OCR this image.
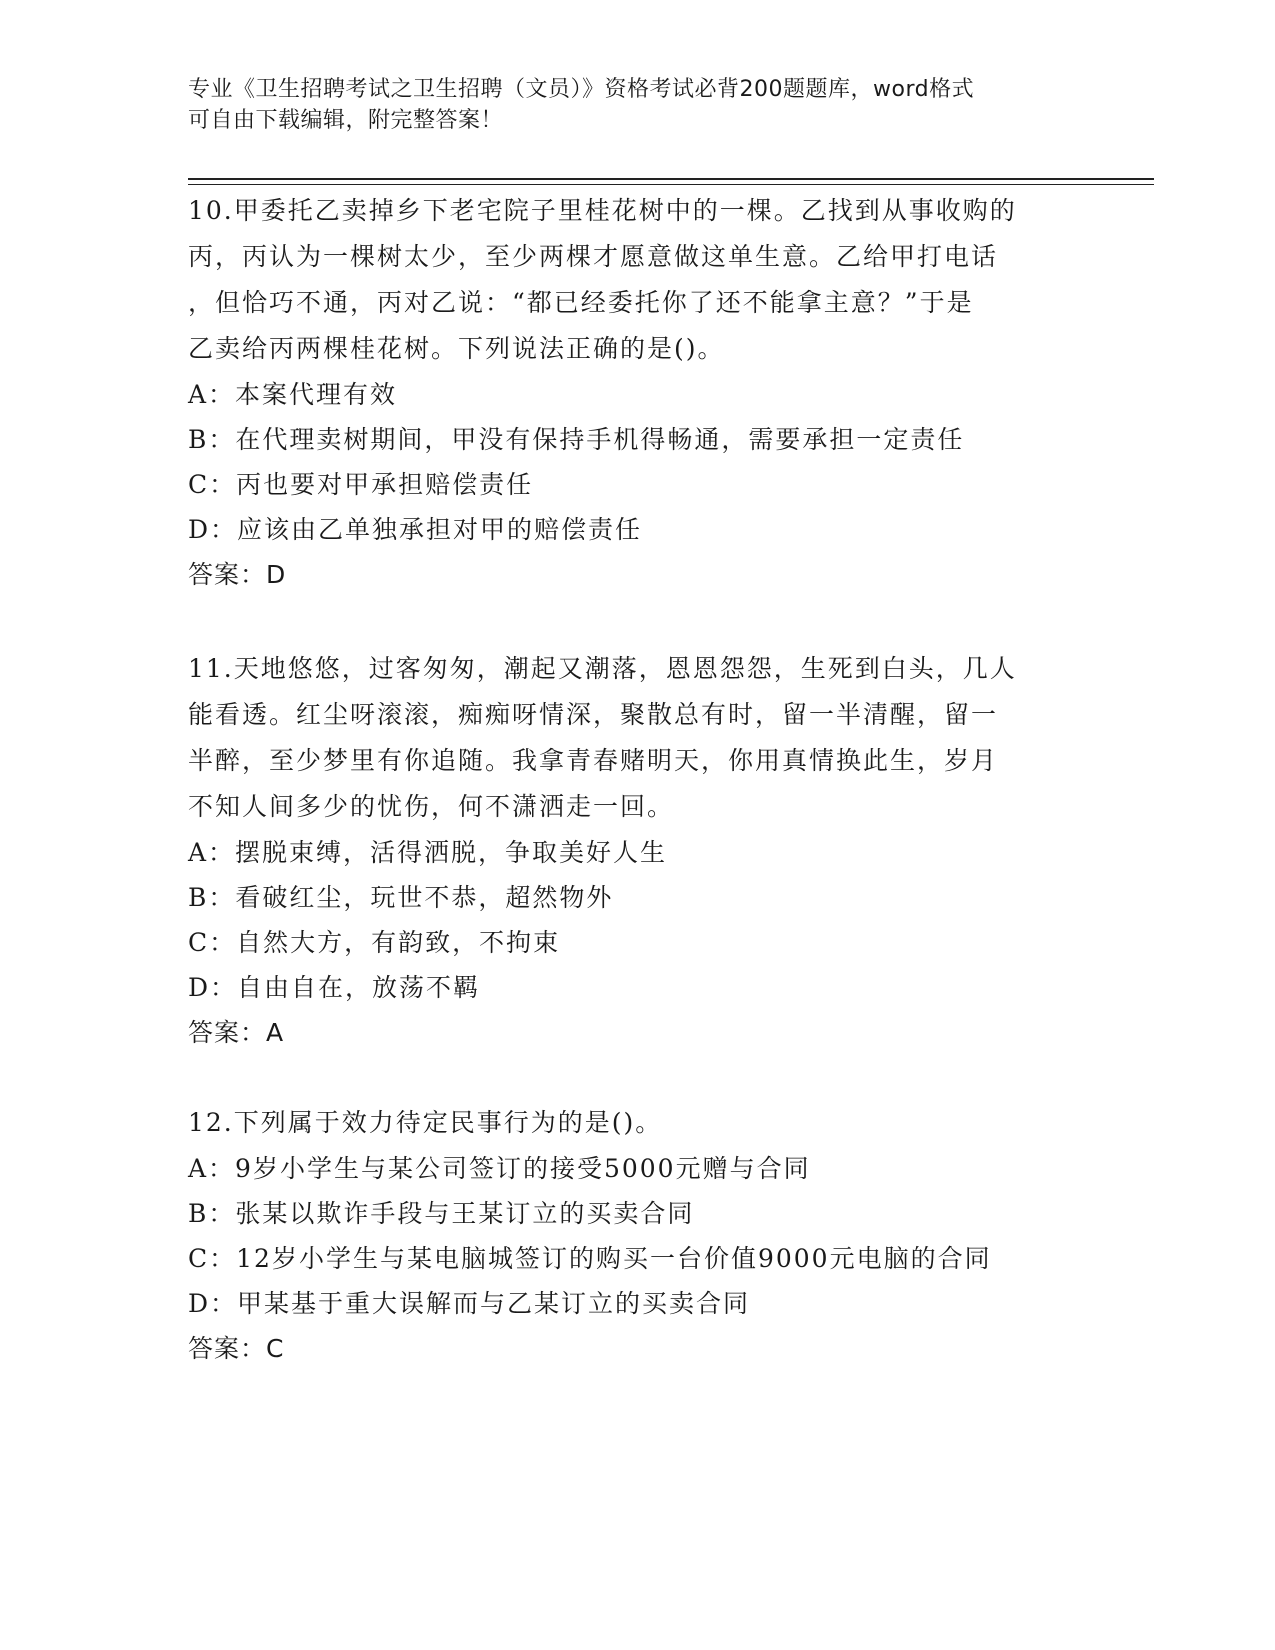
专业《卫生招聘考试之卫生招聘（文员）》资格考试必背200题题库，word格式
可自由下载编辑，附完整答案！
10.甲委托乙卖掉乡下老宅院子里桂花树中的一棵。乙找到从事收购的
丙，丙认为一棵树太少，至少两棵才愿意做这单生意。乙给甲打电话
，但恰巧不通，丙对乙说：“都已经委托你了还不能拿主意？”于是
乙卖给丙两棵桂花树。下列说法正确的是()。
A：本案代理有效
B：在代理卖树期间，甲没有保持手机得畅通，需要承担一定责任
C：丙也要对甲承担赔偿责任
D：应该由乙单独承担对甲的赔偿责任
答案：D
11.天地悠悠，过客匆匆，潮起又潮落，恩恩怨怨，生死到白头，几人
能看透。红尘呀滚滚，痴痴呀情深，聚散总有时，留一半清醒，留一
半醉，至少梦里有你追随。我拿青春赌明天，你用真情换此生，岁月
不知人间多少的忧伤，何不潇洒走一回。
A：摆脱束缚，活得洒脱，争取美好人生
B：看破红尘，玩世不恭，超然物外
C：自然大方，有韵致，不拘束
D：自由自在，放荡不羁
答案：A
12.下列属于效力待定民事行为的是()。
A：9岁小学生与某公司签订的接受5000元赠与合同
B：张某以欺诈手段与王某订立的买卖合同
C：12岁小学生与某电脑城签订的购买一台价值9000元电脑的合同
D：甲某基于重大误解而与乙某订立的买卖合同
答案：C
